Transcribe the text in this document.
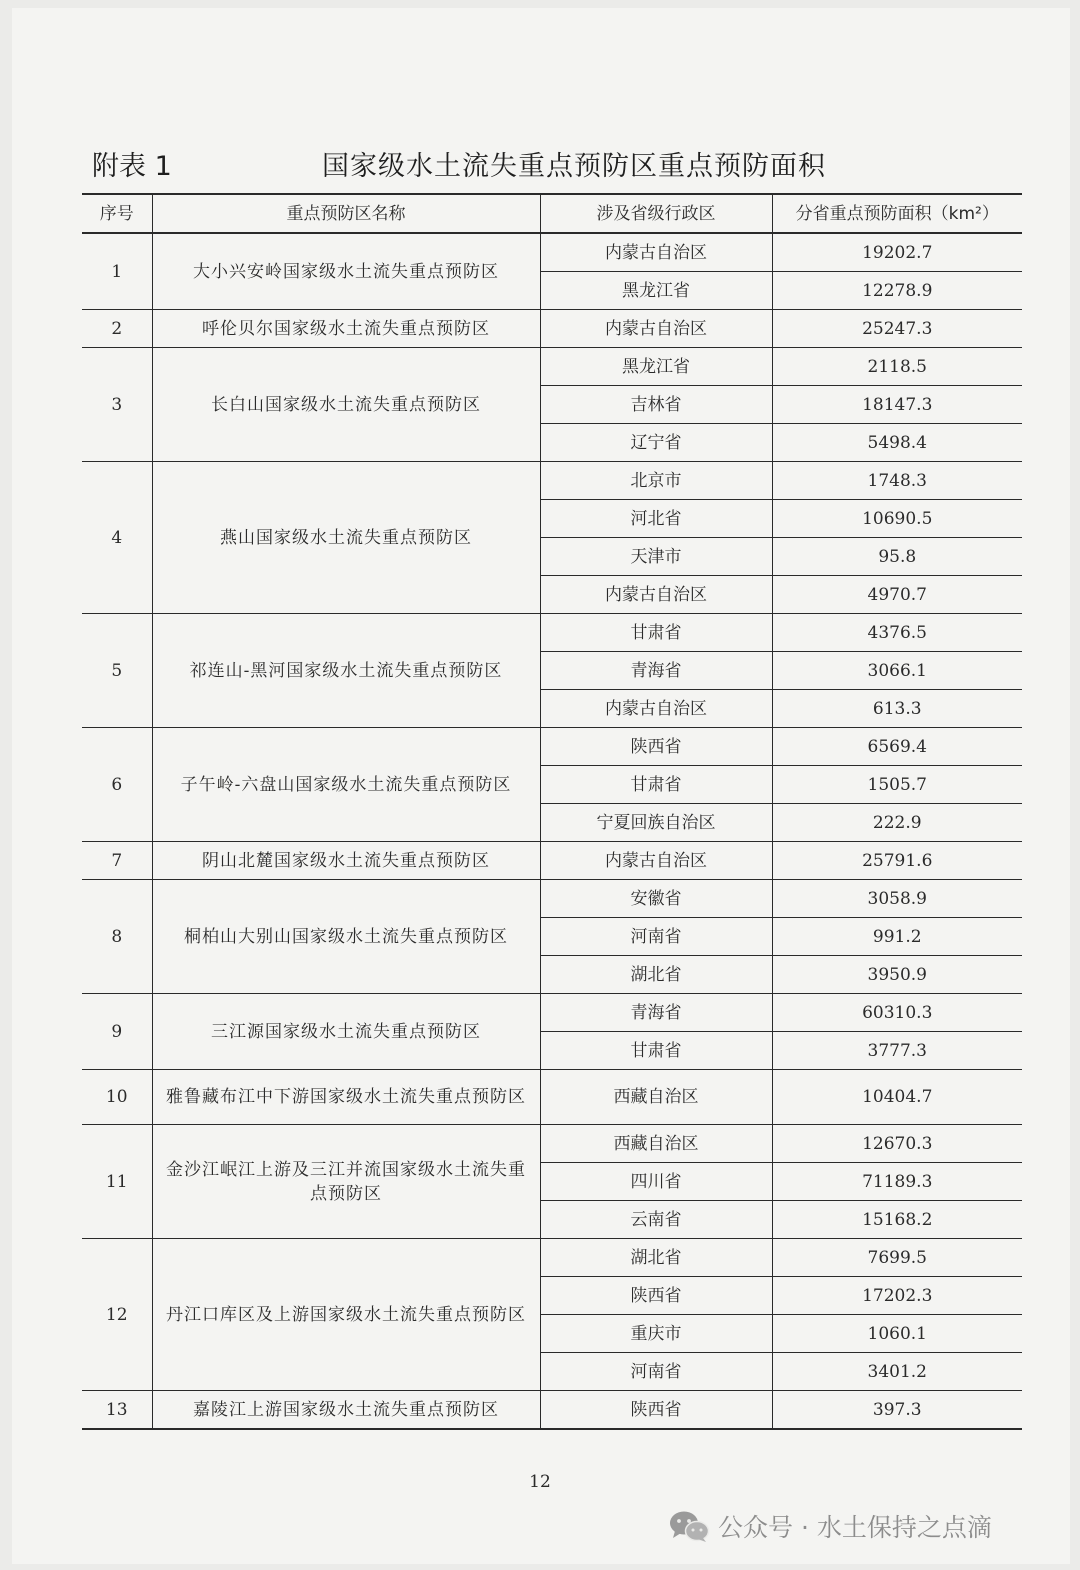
附表 1	国家级水土流失重点预防区重点预防面积
序号	重点预防区名称	涉及省级行政区	分省重点预防面积（km²）
1	大小兴安岭国家级水土流失重点预防区	内蒙古自治区	19202.7
		黑龙江省	12278.9
2	呼伦贝尔国家级水土流失重点预防区	内蒙古自治区	25247.3
3	长白山国家级水土流失重点预防区	黑龙江省	2118.5
		吉林省	18147.3
		辽宁省	5498.4
4	燕山国家级水土流失重点预防区	北京市	1748.3
		河北省	10690.5
		天津市	95.8
		内蒙古自治区	4970.7
5	祁连山-黑河国家级水土流失重点预防区	甘肃省	4376.5
		青海省	3066.1
		内蒙古自治区	613.3
6	子午岭-六盘山国家级水土流失重点预防区	陕西省	6569.4
		甘肃省	1505.7
		宁夏回族自治区	222.9
7	阴山北麓国家级水土流失重点预防区	内蒙古自治区	25791.6
8	桐柏山大别山国家级水土流失重点预防区	安徽省	3058.9
		河南省	991.2
		湖北省	3950.9
9	三江源国家级水土流失重点预防区	青海省	60310.3
		甘肃省	3777.3
10	雅鲁藏布江中下游国家级水土流失重点预防区	西藏自治区	10404.7
11	金沙江岷江上游及三江并流国家级水土流失重点预防区	西藏自治区	12670.3
		四川省	71189.3
		云南省	15168.2
12	丹江口库区及上游国家级水土流失重点预防区	湖北省	7699.5
		陕西省	17202.3
		重庆市	1060.1
		河南省	3401.2
13	嘉陵江上游国家级水土流失重点预防区	陕西省	397.3
12
公众号 · 水土保持之点滴
